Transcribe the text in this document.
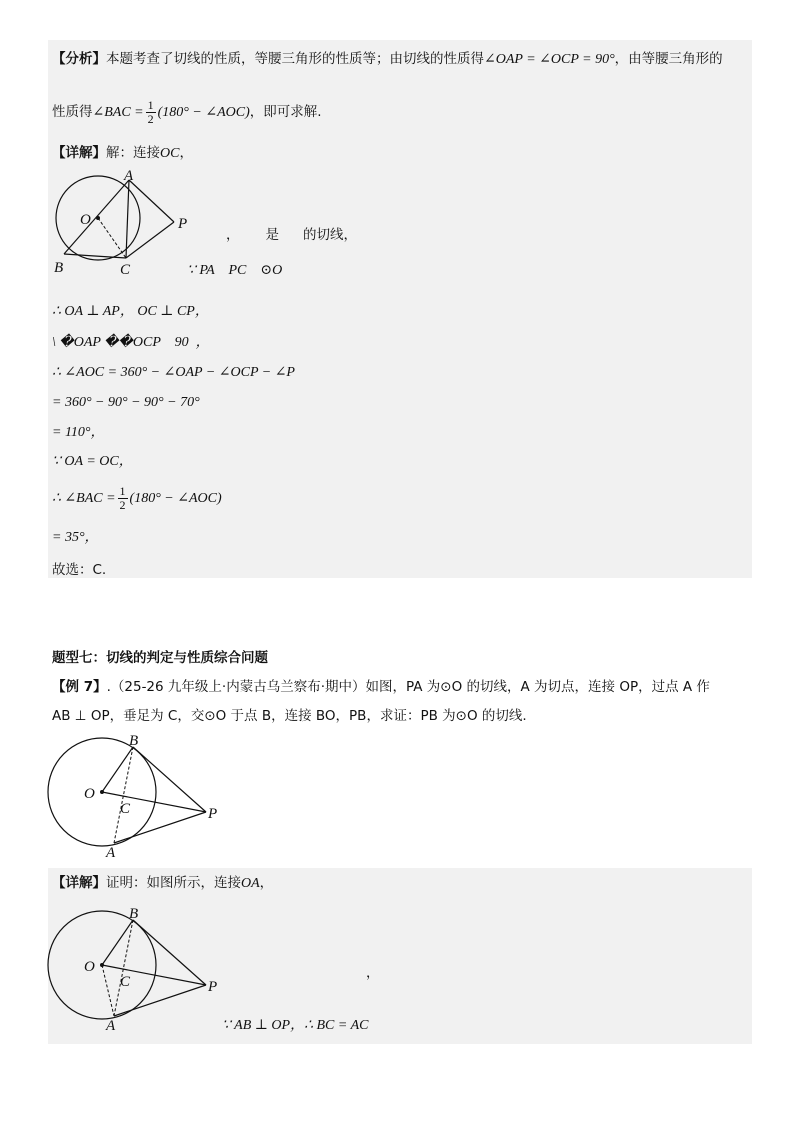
【分析】本题考查了切线的性质，等腰三角形的性质等；由切线的性质得∠OAP = ∠OCP = 90°，由等腰三角形的
性质得∠BAC = $\frac{1}{2} (180^\circ$ − ∠AOC)，即可求解.
【详解】解：连接OC，
A
O	P
B	C
， 是 的切线，
∵ PA    PC    ⊙O
∴ OA ⊥ AP， OC ⊥ CP，
\ �OAP ��OCP    90  ，
∴ ∠AOC = 360° − ∠OAP − ∠OCP − ∠P
= 360° − 90° − 90° − 70°
= 110°，
∵ OA = OC，
∴ ∠BAC = $\frac{1}{2} (180^\circ$ − ∠AOC)
= 35°，
故选：C.
题型七：切线的判定与性质综合问题
【例 7】.（25-26 九年级上·内蒙古乌兰察布·期中）如图，PA 为⊙O 的切线，A 为切点，连接 OP，过点 A 作
AB ⊥ OP，垂足为 C，交⊙O 于点 B，连接 BO，PB，求证：PB 为⊙O 的切线.
B
O
C	P
A
【详解】证明：如图所示，连接OA，
B
O
C	P
A
，
∵ AB ⊥ OP，∴ BC = AC
